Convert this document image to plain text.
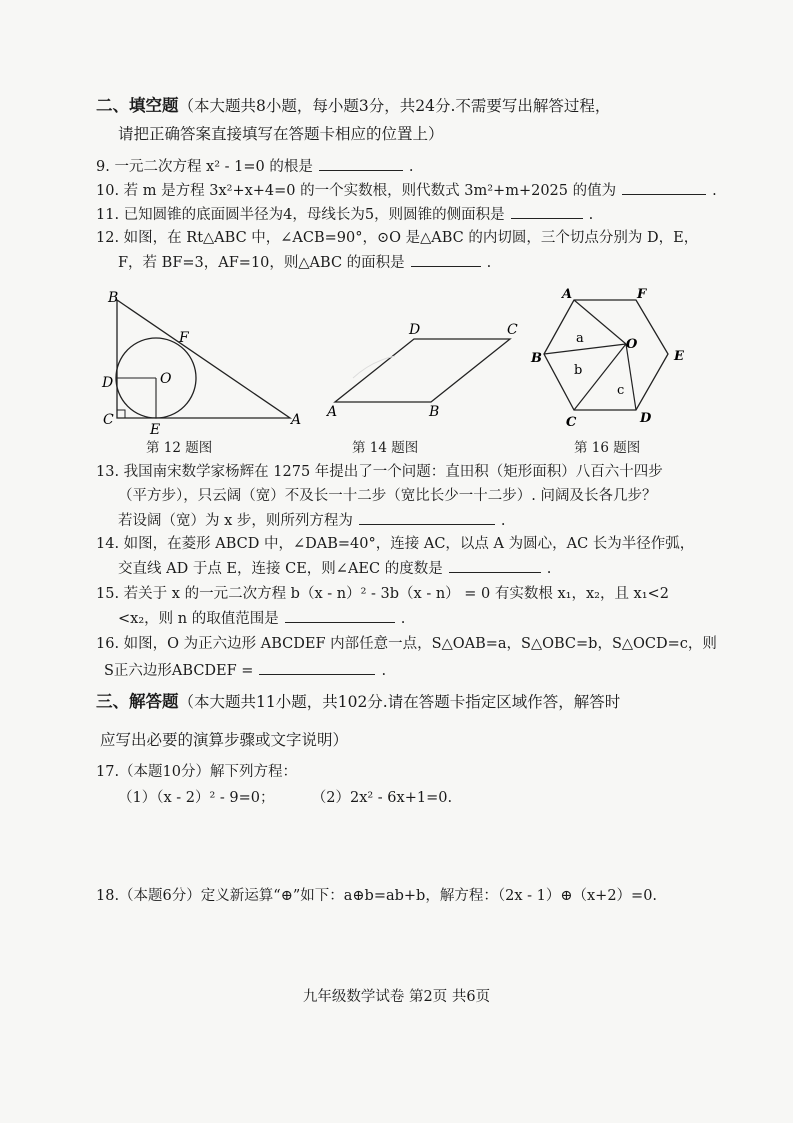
二、填空题（本大题共8小题，每小题3分，共24分.不需要写出解答过程，
请把正确答案直接填写在答题卡相应的位置上）
9. 一元二次方程 x² - 1=0 的根是	.
10. 若 m 是方程 3x²+x+4=0 的一个实数根，则代数式 3m²+m+2025 的值为	.
11. 已知圆锥的底面圆半径为4，母线长为5，则圆锥的侧面积是	.
12. 如图，在 Rt△ABC 中，∠ACB=90°，⊙O 是△ABC 的内切圆，三个切点分别为 D，E，
F，若 BF=3，AF=10，则△ABC 的面积是	.
B
F
D	O
C
E
A
第 12 题图
D	C
A	B
第 14 题图
A	F
B
O
E
C	D
a
b
c
第 16 题图
13. 我国南宋数学家杨辉在 1275 年提出了一个问题：直田积（矩形面积）八百六十四步
（平方步），只云阔（宽）不及长一十二步（宽比长少一十二步）. 问阔及长各几步？
若设阔（宽）为 x 步，则所列方程为	.
14. 如图，在菱形 ABCD 中，∠DAB=40°，连接 AC，以点 A 为圆心，AC 长为半径作弧，
交直线 AD 于点 E，连接 CE，则∠AEC 的度数是	.
15. 若关于 x 的一元二次方程 b（x - n）² - 3b（x - n） = 0 有实数根 x₁，x₂，且 x₁<2
<x₂，则 n 的取值范围是	.
16. 如图，O 为正六边形 ABCDEF 内部任意一点，S△OAB=a，S△OBC=b，S△OCD=c，则
S正六边形ABCDEF =	.
三、解答题（本大题共11小题，共102分.请在答题卡指定区域作答，解答时
应写出必要的演算步骤或文字说明）
17.（本题10分）解下列方程：
（1）（x - 2）² - 9=0；	（2）2x² - 6x+1=0.
18.（本题6分）定义新运算“⊕”如下：a⊕b=ab+b，解方程：（2x - 1）⊕（x+2）=0.
九年级数学试卷 第2页 共6页
